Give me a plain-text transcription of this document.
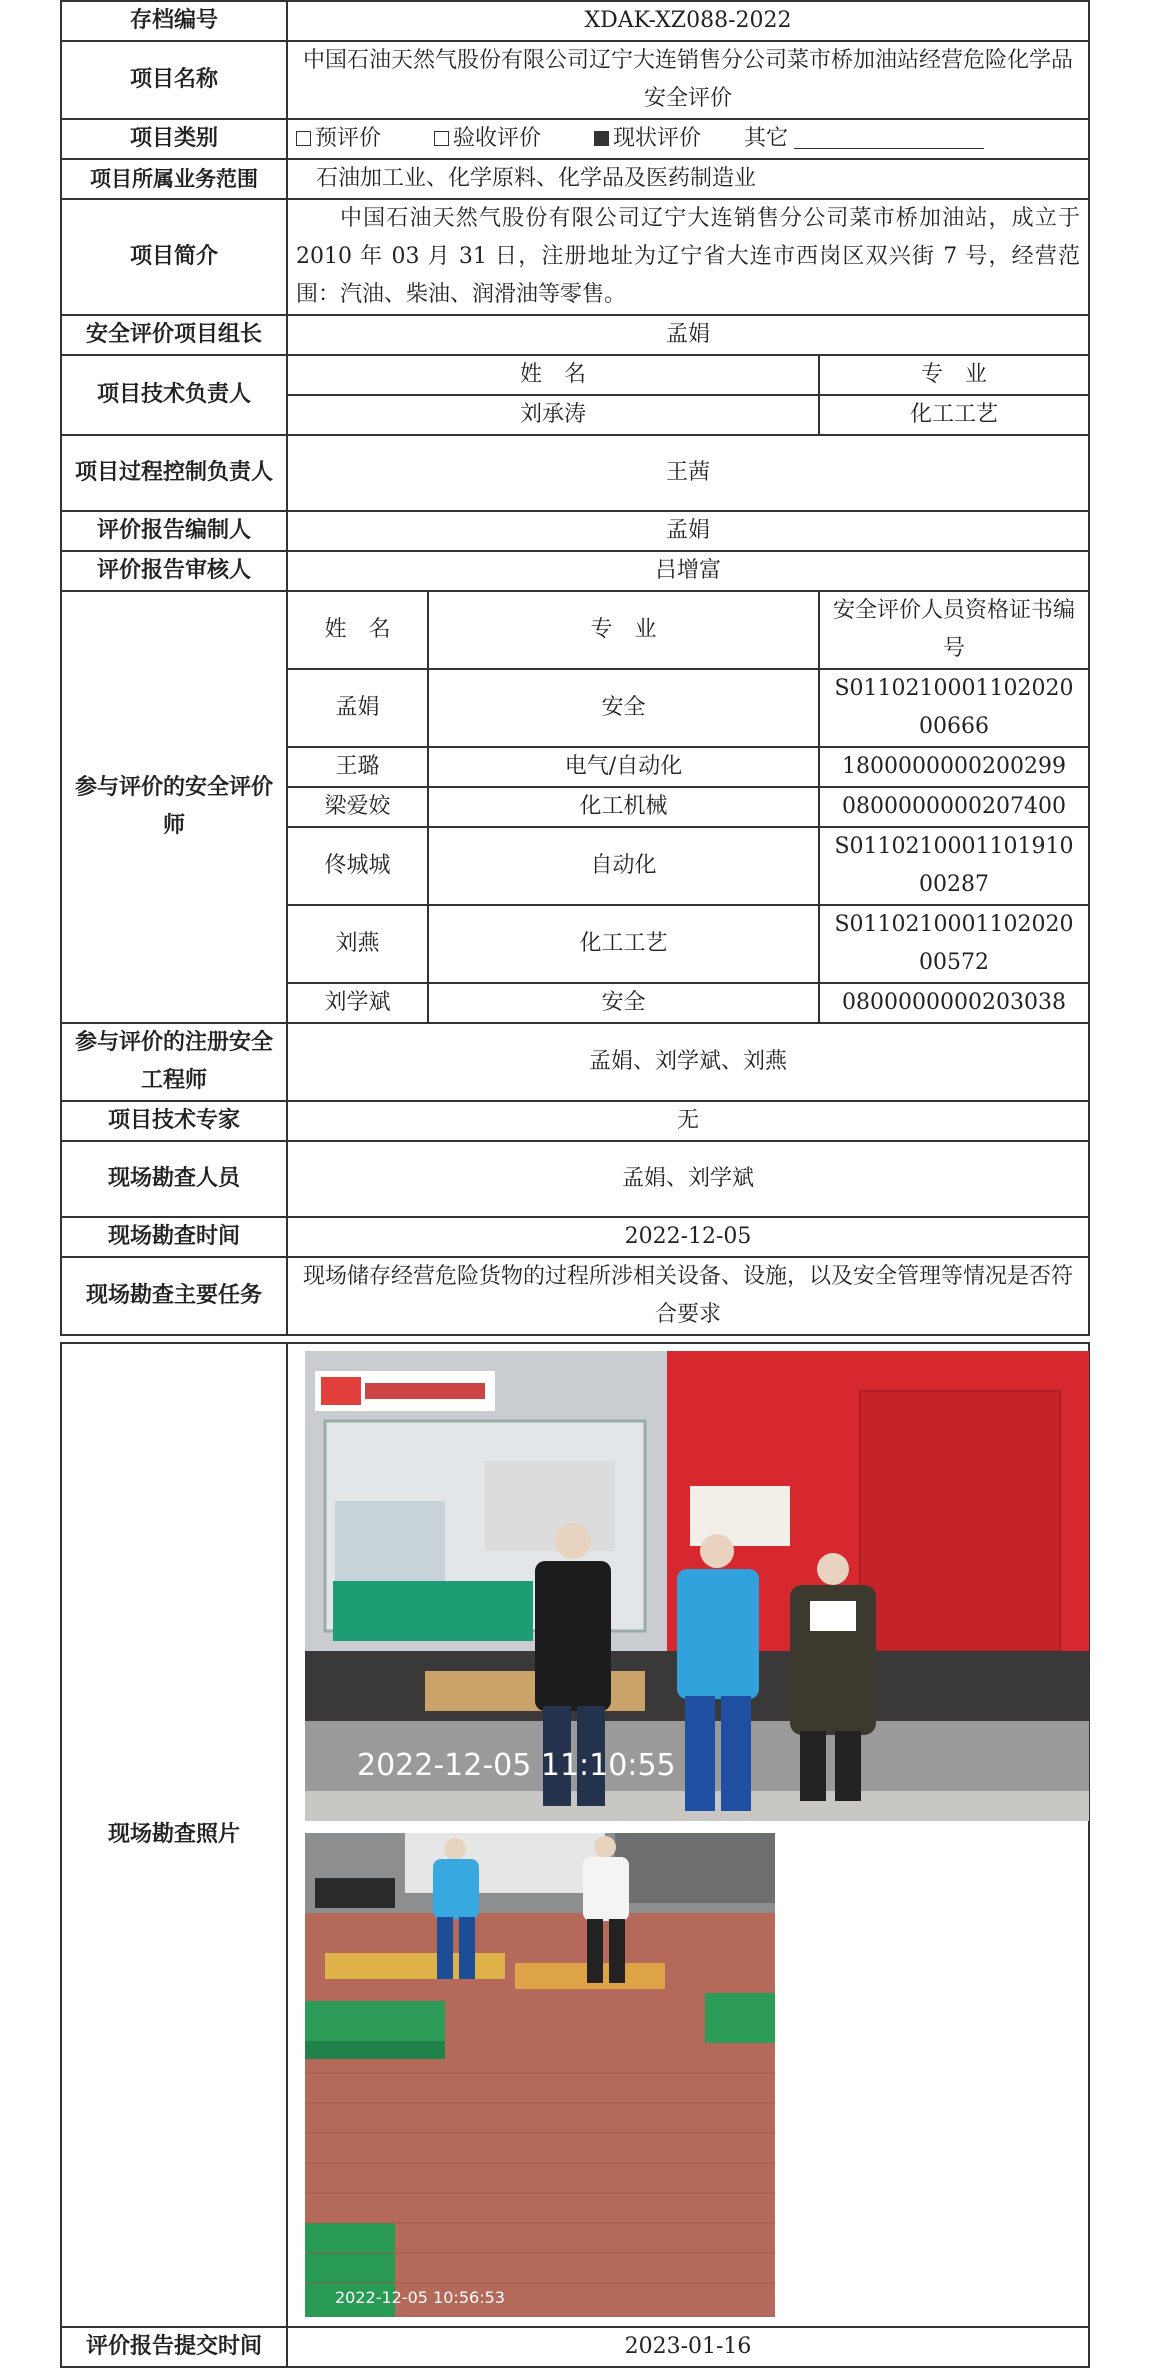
存档编号	XDAK-XZ088-2022		
项目名称	中国石油天然气股份有限公司辽宁大连销售分公司菜市桥加油站经营危险化学品安全评价		
项目类别	预评价 验收评价 现状评价 其它		
项目所属业务范围	石油加工业、化学原料、化学品及医药制造业		
项目简介	中国石油天然气股份有限公司辽宁大连销售分公司菜市桥加油站，成立于 2010 年 03 月 31 日，注册地址为辽宁省大连市西岗区双兴街 7 号，经营范围：汽油、柴油、润滑油等零售。		
安全评价项目组长	孟娟		
项目技术负责人	姓　名		专　业
	刘承涛		化工工艺
项目过程控制负责人	王茜		
评价报告编制人	孟娟		
评价报告审核人	吕增富		
参与评价的安全评价师	姓　名	专　业	安全评价人员资格证书编号
	孟娟	安全	S011021000110202000666
	王璐	电气/自动化	1800000000200299
	梁爱姣	化工机械	0800000000207400
	佟城城	自动化	S011021000110191000287
	刘燕	化工工艺	S011021000110202000572
	刘学斌	安全	0800000000203038
参与评价的注册安全工程师	孟娟、刘学斌、刘燕		
项目技术专家	无		
现场勘查人员	孟娟、刘学斌		
现场勘查时间	2022-12-05		
现场勘查主要任务	现场储存经营危险货物的过程所涉相关设备、设施，以及安全管理等情况是否符合要求		
现场勘查照片	2022-12-05 11:10:55
2022-12-05 10:56:53

评价报告提交时间	2023-01-16
